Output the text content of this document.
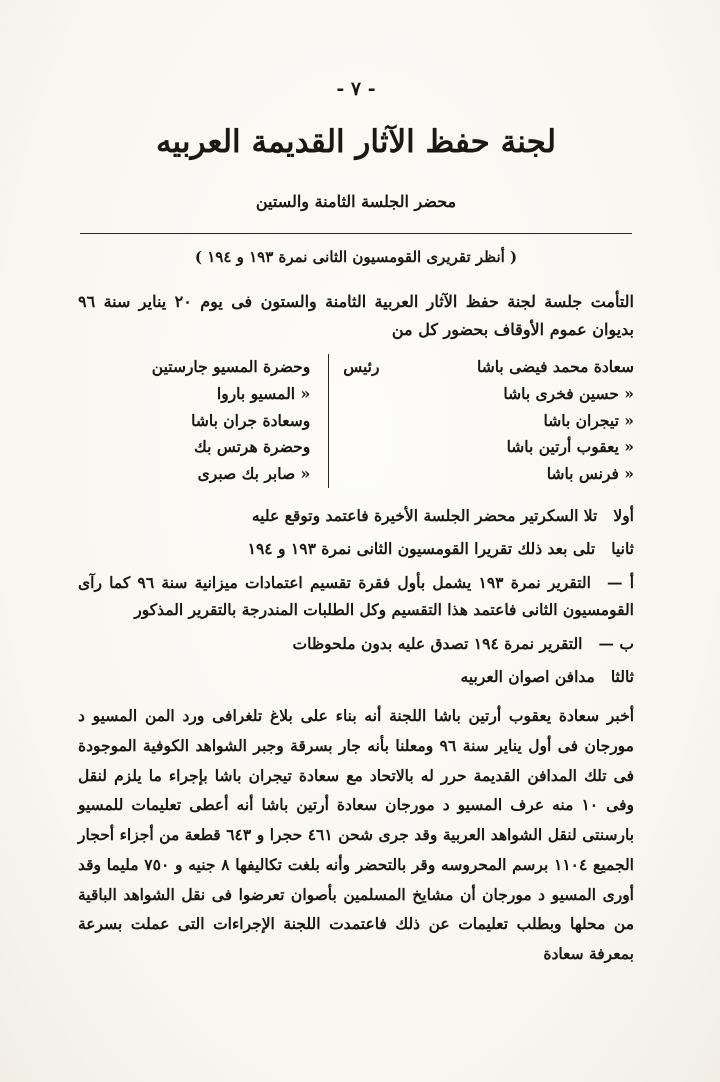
- ٧ -
لجنة حفظ الآثار القديمة العربيه
محضر الجلسة الثامنة والستين
( أنظر تقريرى القومسيون الثانى نمرة ١٩٣ و ١٩٤ )

التأمت جلسة لجنة حفظ الآثار العربية الثامنة والستون فى يوم ٢٠ يناير سنة ٩٦ بديوان عموم الأوقاف بحضور كل من

سعادة محمد فيضى باشا
رئيس
« حسين فخرى باشا
« تيجران باشا
« يعقوب أرتين باشا
« فرنس باشا
وحضرة المسيو جارستين
« المسيو باروا
وسعادة جران باشا
وحضرة هرتس بك
« صابر بك صبرى

أولاتلا السكرتير محضر الجلسة الأخيرة فاعتمد وتوقع عليه

ثانياتلى بعد ذلك تقريرا القومسيون الثانى نمرة ١٩٣ و ١٩٤

أ —التقرير نمرة ١٩٣ يشمل بأول فقرة تقسيم اعتمادات ميزانية سنة ٩٦ كما رآى القومسيون الثانى فاعتمد هذا التقسيم وكل الطلبات المندرجة بالتقرير المذكور

ب —التقرير نمرة ١٩٤ تصدق عليه بدون ملحوظات

ثالثامدافن اصوان العربيه

أخبر سعادة يعقوب أرتين باشا اللجنة أنه بناء على بلاغ تلغرافى ورد المن المسيو د مورجان فى أول يناير سنة ٩٦ ومعلنا بأنه جار بسرقة وجبر الشواهد الكوفية الموجودة فى تلك المدافن القديمة حرر له بالاتحاد مع سعادة تيجران باشا بإجراء ما يلزم لنقل وفى ١٠ منه عرف المسيو د مورجان سعادة أرتين باشا أنه أعطى تعليمات للمسيو بارسنتى لنقل الشواهد العربية وقد جرى شحن ٤٦١ حجرا و ٦٤٣ قطعة من أجزاء أحجار الجميع ١١٠٤ برسم المحروسه وقر بالتحضر وأنه بلغت تكاليفها ٨ جنيه و ٧٥٠ مليما وقد أورى المسيو د مورجان أن مشايخ المسلمين بأصوان تعرضوا فى نقل الشواهد الباقية من محلها وبطلب تعليمات عن ذلك فاعتمدت اللجنة الإجراءات التى عملت بسرعة بمعرفة سعادة
